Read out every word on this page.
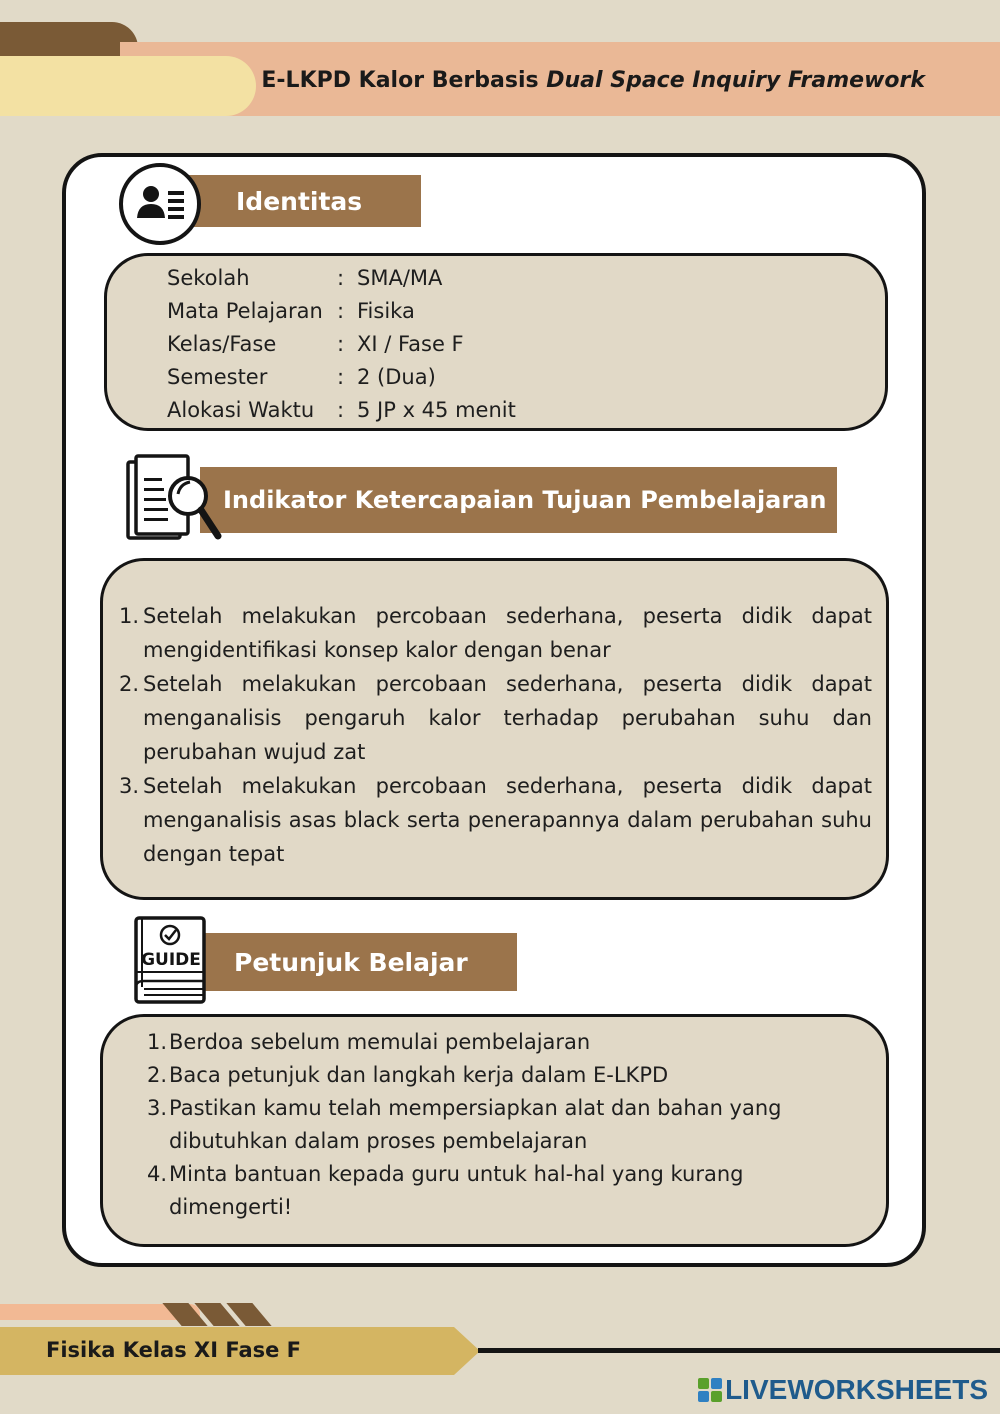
E-LKPD Kalor Berbasis Dual Space Inquiry Framework
Identitas
Sekolah	: SMA/MA
Mata Pelajaran : Fisika
Kelas/Fase	: XI / Fase F
Semester	: 2 (Dua)
Alokasi Waktu	: 5 JP x 45 menit
Indikator Ketercapaian Tujuan Pembelajaran
1. Setelah melakukan percobaan sederhana, peserta didik dapat mengidentifikasi konsep kalor dengan benar
2. Setelah melakukan percobaan sederhana, peserta didik dapat menganalisis pengaruh kalor terhadap perubahan suhu dan perubahan wujud zat
3. Setelah melakukan percobaan sederhana, peserta didik dapat menganalisis asas black serta penerapannya dalam perubahan suhu dengan tepat
Petunjuk Belajar
GUIDE
1. Berdoa sebelum memulai pembelajaran
2. Baca petunjuk dan langkah kerja dalam E-LKPD
3. Pastikan kamu telah mempersiapkan alat dan bahan yang dibutuhkan dalam proses pembelajaran
4. Minta bantuan kepada guru untuk hal-hal yang kurang dimengerti!
Fisika Kelas XI Fase F
LIVEWORKSHEETS
